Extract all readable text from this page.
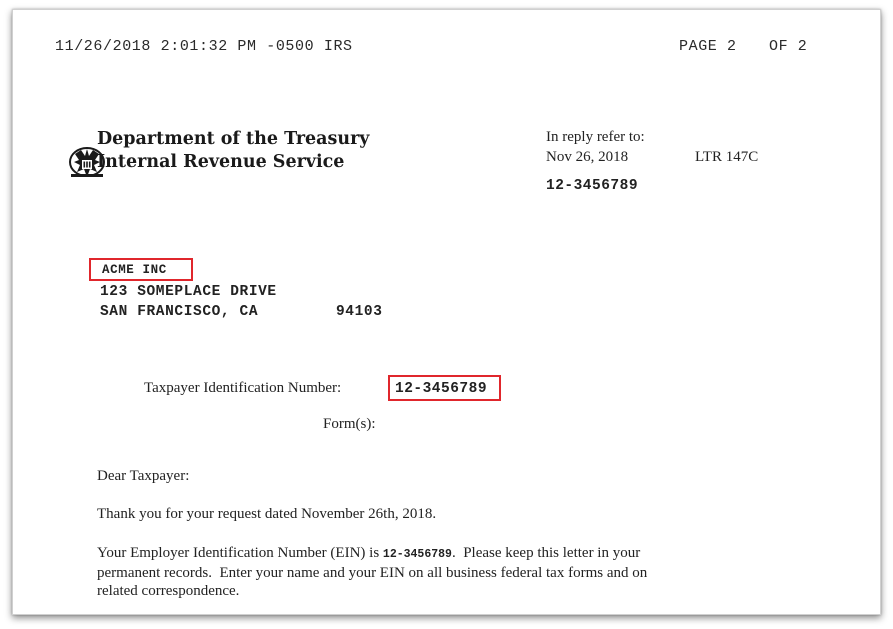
11/26/2018 2:01:32 PM -0500 IRS	PAGE 2 OF 2

Department of the Treasury
Internal Revenue Service
In reply refer to:
Nov 26, 2018	LTR 147C
12-3456789

ACME INC

123 SOMEPLACE DRIVE
SAN FRANCISCO, CA	94103
Taxpayer Identification Number:

	12-3456789

Form(s):
Dear Taxpayer:
Thank you for your request dated November 26th, 2018.
Your Employer Identification Number (EIN) is 12-3456789.  Please keep this letter in your
permanent records.  Enter your name and your EIN on all business federal tax forms and on
related correspondence.
